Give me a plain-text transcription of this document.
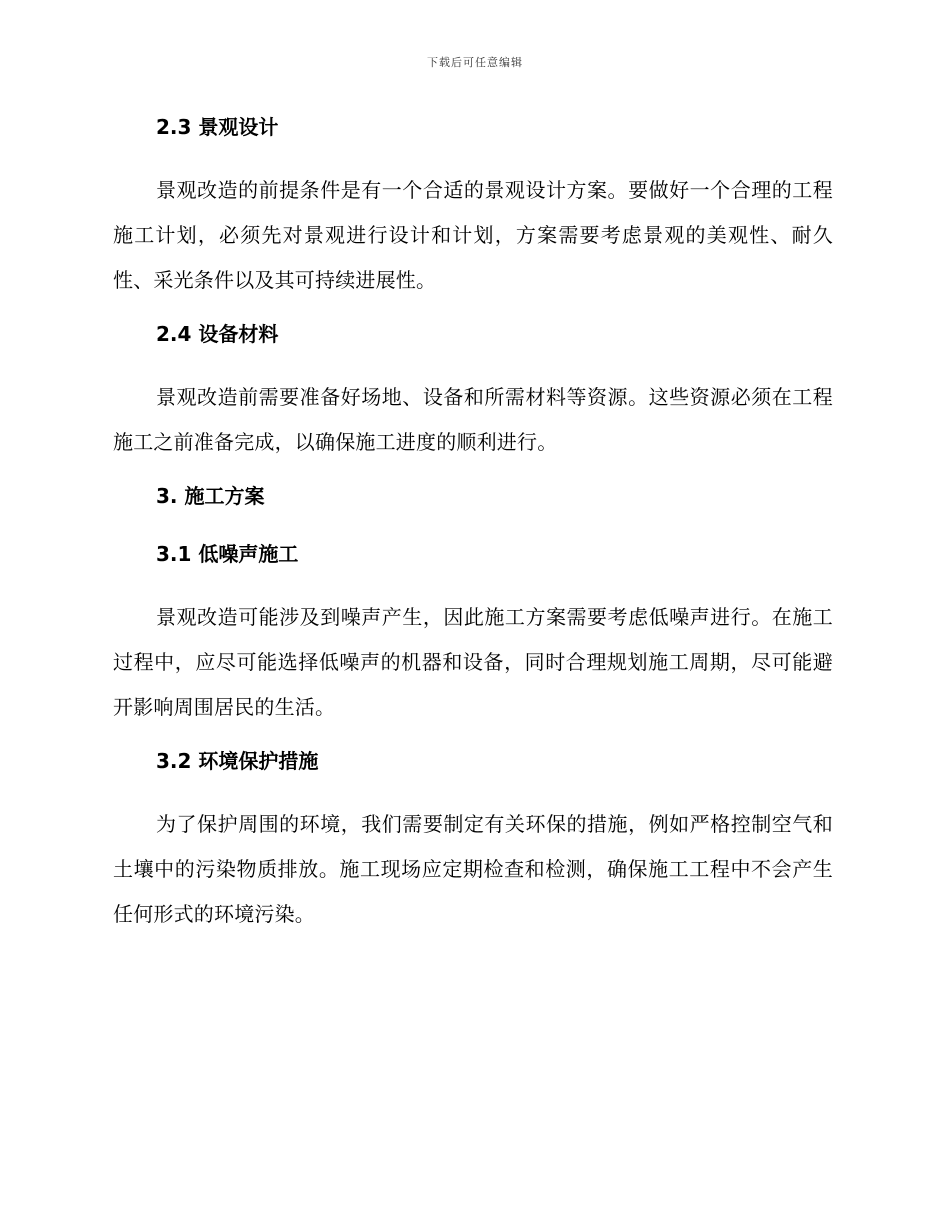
下载后可任意编辑
2.3 景观设计

景观改造的前提条件是有一个合适的景观设计方案。要做好一个合理的工程施工计划，必须先对景观进行设计和计划，方案需要考虑景观的美观性、耐久性、采光条件以及其可持续进展性。

2.4 设备材料

景观改造前需要准备好场地、设备和所需材料等资源。这些资源必须在工程施工之前准备完成，以确保施工进度的顺利进行。

3. 施工方案
3.1 低噪声施工

景观改造可能涉及到噪声产生，因此施工方案需要考虑低噪声进行。在施工过程中，应尽可能选择低噪声的机器和设备，同时合理规划施工周期，尽可能避开影响周围居民的生活。

3.2 环境保护措施

为了保护周围的环境，我们需要制定有关环保的措施，例如严格控制空气和土壤中的污染物质排放。施工现场应定期检查和检测，确保施工工程中不会产生任何形式的环境污染。
